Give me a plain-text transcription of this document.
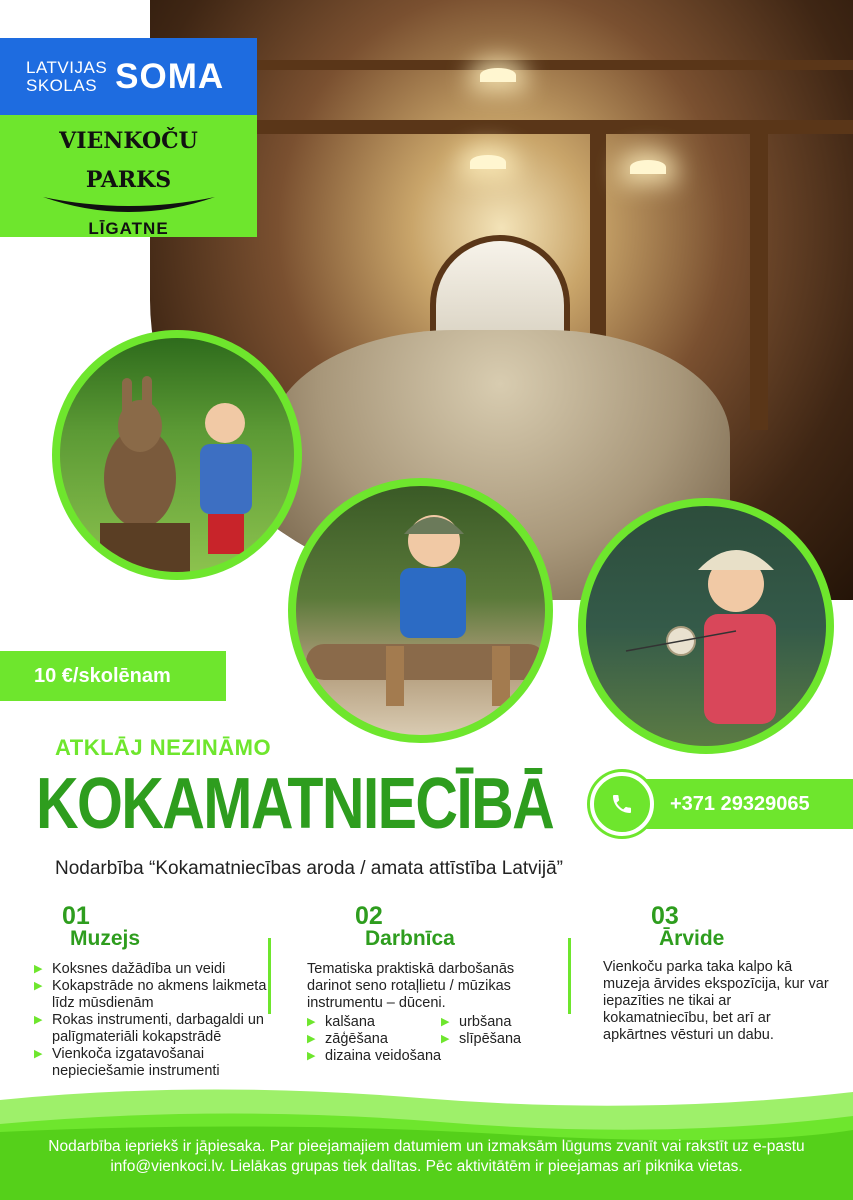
LATVIJAS
SKOLAS SOMA
VIENKOČU
PARKS
LĪGATNE
10 €/skolēnam
ATKLĀJ NEZINĀMO
KOKAMATNIECĪBĀ
Nodarbība “Kokamatniecības aroda / amata attīstība Latvijā”
+371 29329065
01
Muzejs
▶ Koksnes dažādība un veidi
▶ Kokapstrāde no akmens laikmeta līdz mūsdienām
▶ Rokas instrumenti, darbagaldi un palīgmateriāli kokapstrādē
▶ Vienkoča izgatavošanai nepieciešamie instrumenti
02
Darbnīca
Tematiska praktiskā darbošanās darinot seno rotaļlietu / mūzikas instrumentu – dūceni.
▶ kalšana	▶ urbšana
▶ zāģēšana	▶ slīpēšana
▶ dizaina veidošana
03
Ārvide
Vienkoču parka taka kalpo kā muzeja ārvides ekspozīcija, kur var iepazīties ne tikai ar kokamatniecību, bet arī ar apkārtnes vēsturi un dabu.
Nodarbība iepriekš ir jāpiesaka. Par pieejamajiem datumiem un izmaksām lūgums zvanīt vai rakstīt uz e-pastu
info@vienkoci.lv. Lielākas grupas tiek dalītas. Pēc aktivitātēm ir pieejamas arī piknika vietas.
